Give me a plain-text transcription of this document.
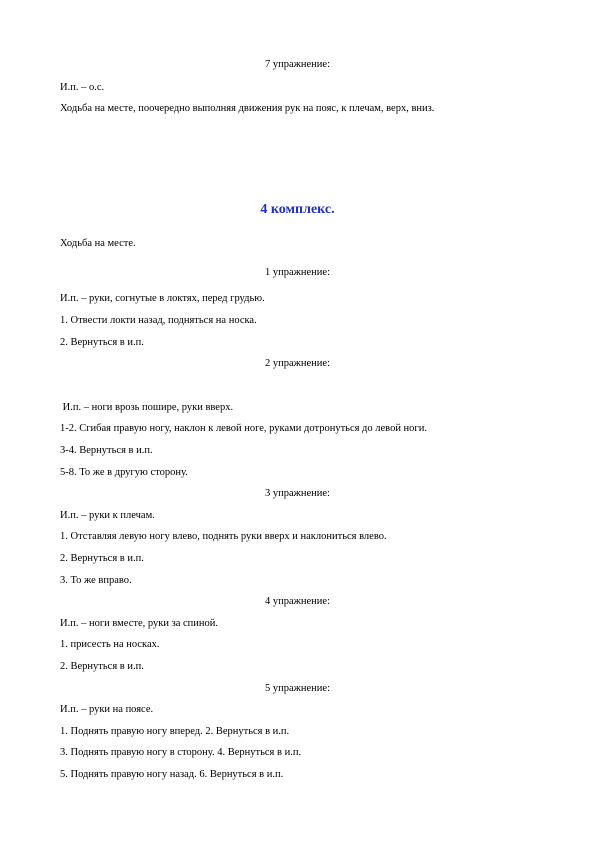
7 упражнение:
И.п. – о.с.
Ходьба на месте, поочередно выполняя движения рук на пояс, к плечам, верх, вниз.
4 комплекс.
Ходьба на месте.
1 упражнение:
И.п. – руки, согнутые в локтях, перед грудью.
1. Отвести локти назад, подняться на носка.
2. Вернуться в и.п.
2 упражнение:
И.п. – ноги врозь пошире, руки вверх.
1-2. Сгибая правую ногу, наклон к левой ноге, руками дотронуться до левой ноги.
3-4. Вернуться в и.п.
5-8. То же в другую сторону.
3 упражнение:
И.п. – руки к плечам.
1. Отставляя левую ногу влево, поднять руки вверх и наклониться влево.
2. Вернуться в и.п.
3. То же вправо.
4 упражнение:
И.п. – ноги вместе, руки за спиной.
1. присесть на носках.
2. Вернуться в и.п.
5 упражнение:
И.п. – руки на поясе.
1. Поднять правую ногу вперед. 2. Вернуться в и.п.
3. Поднять правую ногу в сторону. 4. Вернуться в и.п.
5. Поднять правую ногу назад. 6. Вернуться в и.п.
